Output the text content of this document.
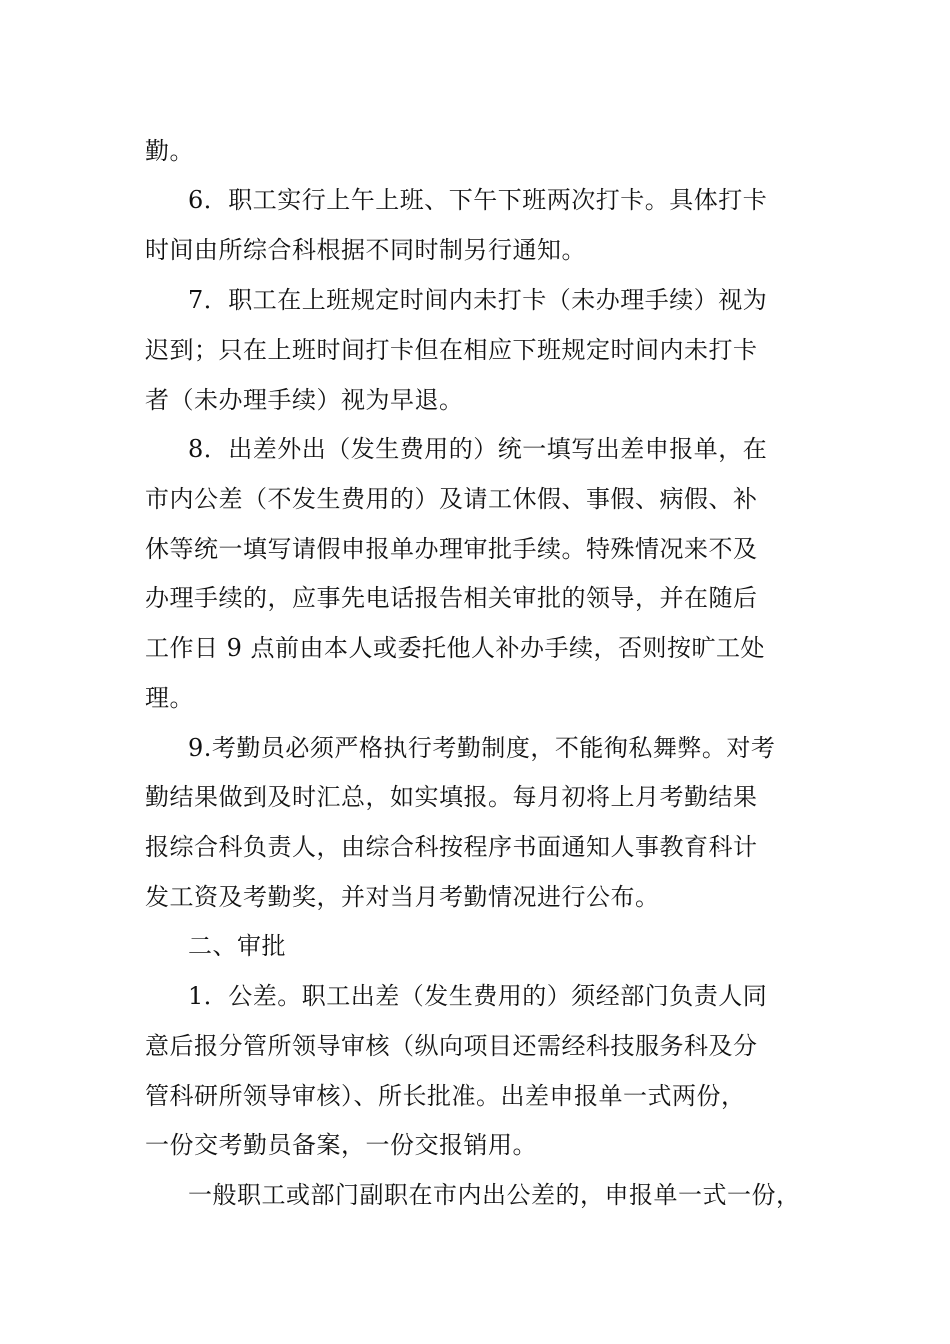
勤。
6．职工实行上午上班、下午下班两次打卡。具体打卡
时间由所综合科根据不同时制另行通知。
7．职工在上班规定时间内未打卡（未办理手续）视为
迟到；只在上班时间打卡但在相应下班规定时间内未打卡
者（未办理手续）视为早退。
8．出差外出（发生费用的）统一填写出差申报单，在
市内公差（不发生费用的）及请工休假、事假、病假、补
休等统一填写请假申报单办理审批手续。特殊情况来不及
办理手续的，应事先电话报告相关审批的领导，并在随后
工作日 9 点前由本人或委托他人补办手续，否则按旷工处
理。
9.考勤员必须严格执行考勤制度，不能徇私舞弊。对考
勤结果做到及时汇总，如实填报。每月初将上月考勤结果
报综合科负责人，由综合科按程序书面通知人事教育科计
发工资及考勤奖，并对当月考勤情况进行公布。
二、审批
1．公差。职工出差（发生费用的）须经部门负责人同
意后报分管所领导审核（纵向项目还需经科技服务科及分
管科研所领导审核）、所长批准。出差申报单一式两份，
一份交考勤员备案，一份交报销用。
一般职工或部门副职在市内出公差的，申报单一式一份，
